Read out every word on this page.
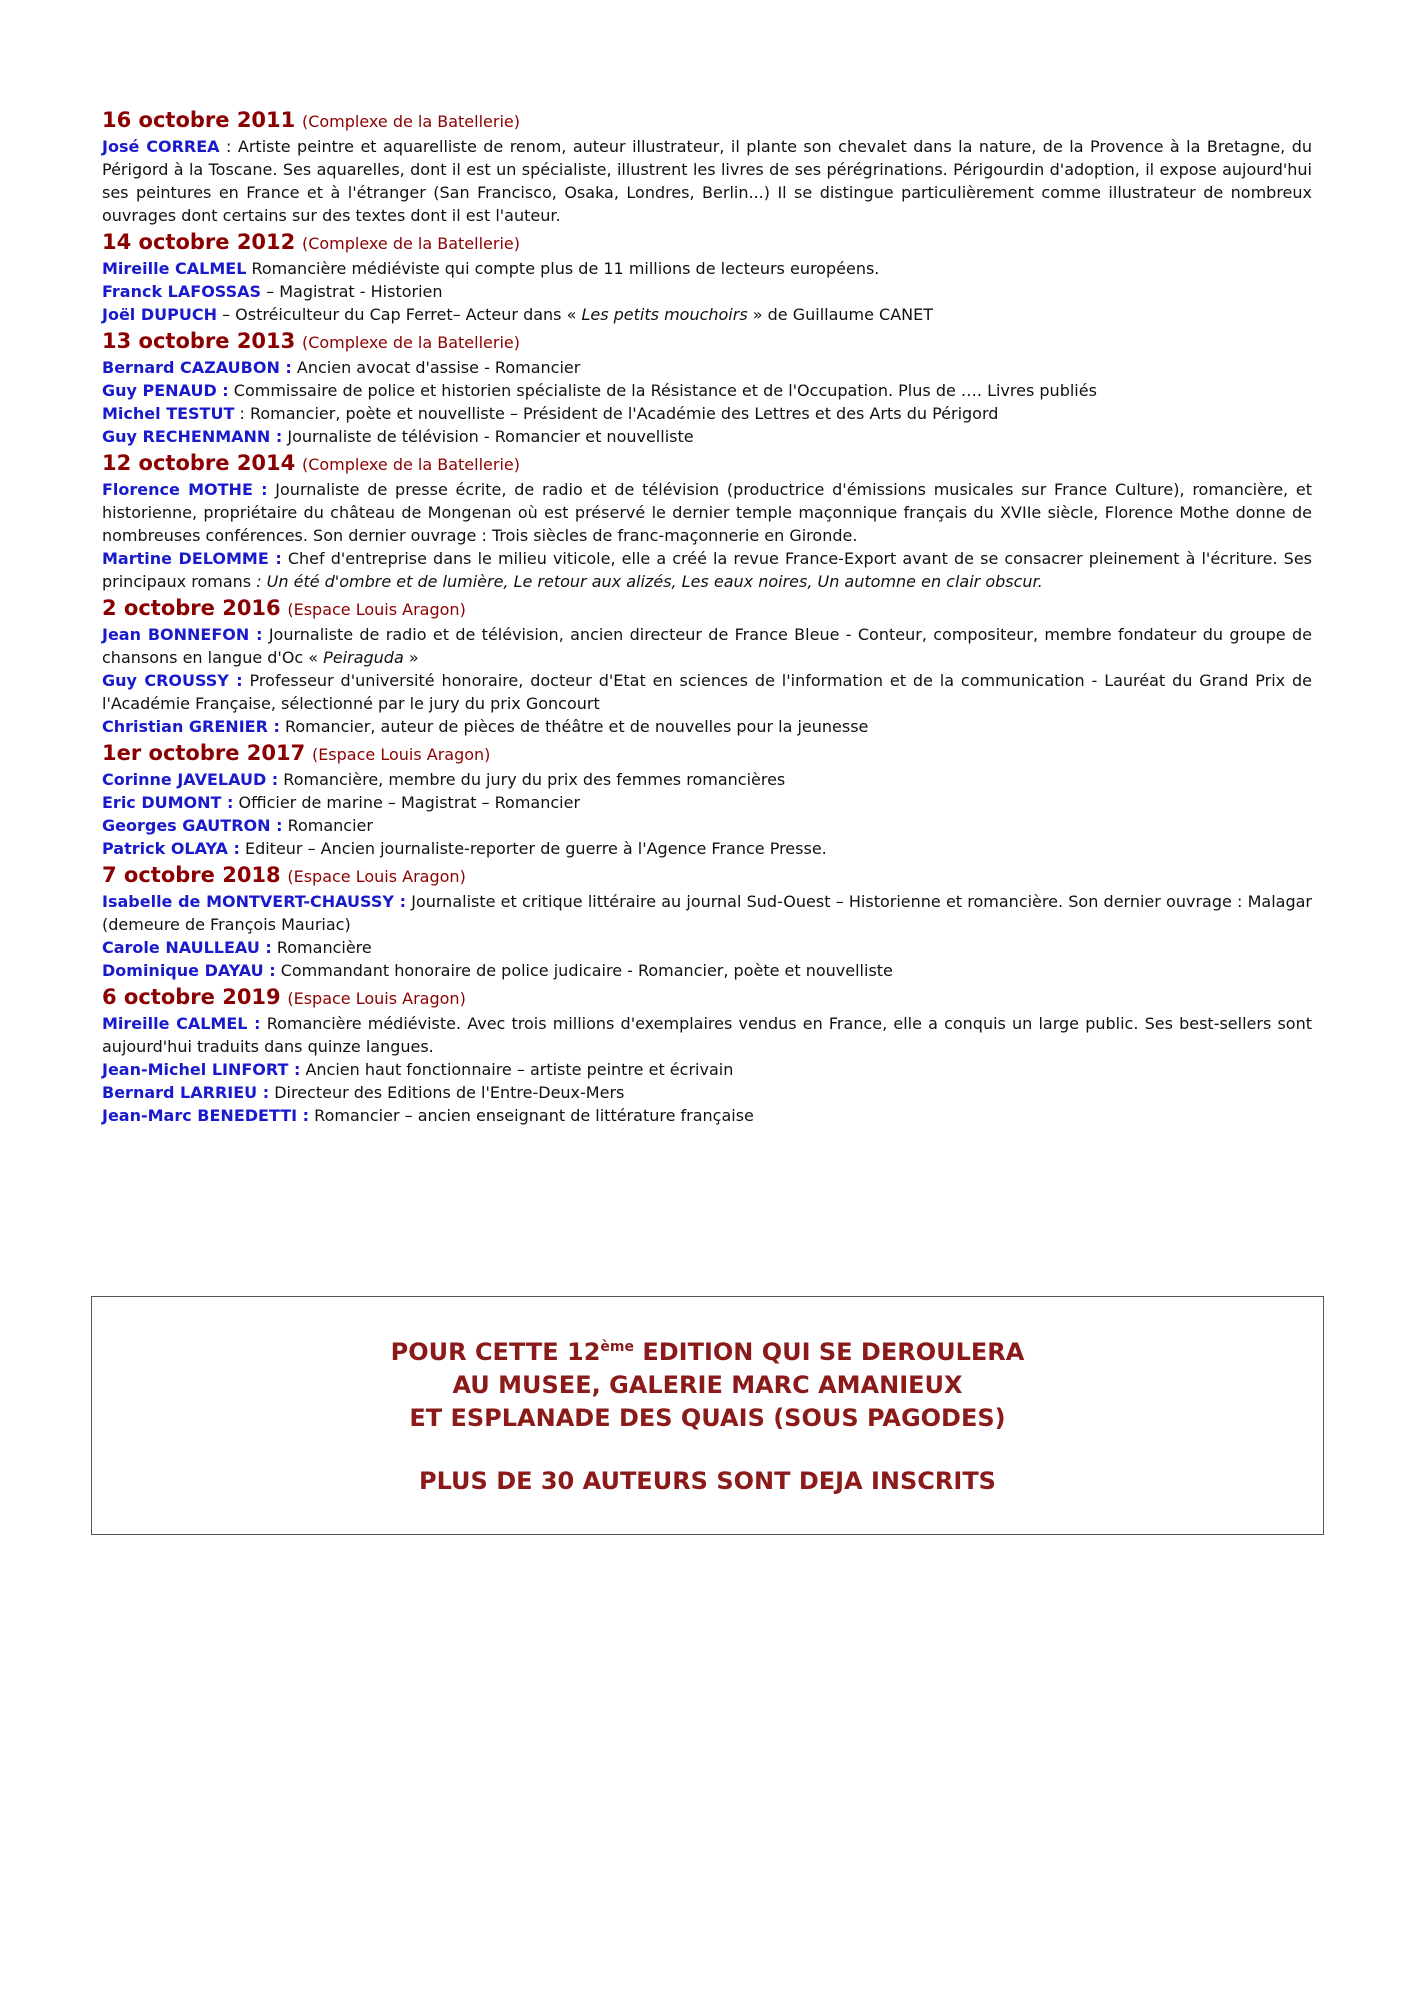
16 octobre 2011 (Complexe de la Batellerie)
José CORREA : Artiste peintre et aquarelliste de renom, auteur illustrateur, il plante son chevalet dans la nature, de la Provence à la Bretagne, du Périgord à la Toscane. Ses aquarelles, dont il est un spécialiste, illustrent les livres de ses pérégrinations. Périgourdin d'adoption, il expose aujourd'hui ses peintures en France et à l'étranger (San Francisco, Osaka, Londres, Berlin...) Il se distingue particulièrement comme illustrateur de nombreux ouvrages dont certains sur des textes dont il est l'auteur.
14 octobre 2012 (Complexe de la Batellerie)
Mireille CALMEL Romancière médiéviste qui compte plus de 11 millions de lecteurs européens.
Franck LAFOSSAS – Magistrat - Historien
Joël DUPUCH – Ostréiculteur du Cap Ferret– Acteur dans « Les petits mouchoirs » de Guillaume CANET
13 octobre 2013 (Complexe de la Batellerie)
Bernard CAZAUBON : Ancien avocat d'assise - Romancier
Guy PENAUD : Commissaire de police et historien spécialiste de la Résistance et de l'Occupation. Plus de …. Livres publiés
Michel TESTUT : Romancier, poète et nouvelliste – Président de l'Académie des Lettres et des Arts du Périgord
Guy RECHENMANN : Journaliste de télévision - Romancier et nouvelliste
12 octobre 2014 (Complexe de la Batellerie)
Florence MOTHE : Journaliste de presse écrite, de radio et de télévision (productrice d'émissions musicales sur France Culture), romancière, et historienne, propriétaire du château de Mongenan où est préservé le dernier temple maçonnique français du XVIIe siècle, Florence Mothe donne de nombreuses conférences. Son dernier ouvrage : Trois siècles de franc-maçonnerie en Gironde.
Martine DELOMME : Chef d'entreprise dans le milieu viticole, elle a créé la revue France-Export avant de se consacrer pleinement à l'écriture. Ses principaux romans : Un été d'ombre et de lumière, Le retour aux alizés, Les eaux noires, Un automne en clair obscur.
2 octobre 2016 (Espace Louis Aragon)
Jean BONNEFON : Journaliste de radio et de télévision, ancien directeur de France Bleue - Conteur, compositeur, membre fondateur du groupe de chansons en langue d'Oc « Peiraguda »
Guy CROUSSY : Professeur d'université honoraire, docteur d'Etat en sciences de l'information et de la communication - Lauréat du Grand Prix de l'Académie Française, sélectionné par le jury du prix Goncourt
Christian GRENIER : Romancier, auteur de pièces de théâtre et de nouvelles pour la jeunesse
1er octobre 2017 (Espace Louis Aragon)
Corinne JAVELAUD : Romancière, membre du jury du prix des femmes romancières
Eric DUMONT : Officier de marine – Magistrat – Romancier
Georges GAUTRON : Romancier
Patrick OLAYA : Editeur – Ancien journaliste-reporter de guerre à l'Agence France Presse.
7 octobre 2018 (Espace Louis Aragon)
Isabelle de MONTVERT-CHAUSSY : Journaliste et critique littéraire au journal Sud-Ouest – Historienne et romancière. Son dernier ouvrage : Malagar (demeure de François Mauriac)
Carole NAULLEAU : Romancière
Dominique DAYAU : Commandant honoraire de police judicaire - Romancier, poète et nouvelliste
6 octobre 2019 (Espace Louis Aragon)
Mireille CALMEL : Romancière médiéviste. Avec trois millions d'exemplaires vendus en France, elle a conquis un large public. Ses best-sellers sont aujourd'hui traduits dans quinze langues.
Jean-Michel LINFORT : Ancien haut fonctionnaire – artiste peintre et écrivain
Bernard LARRIEU : Directeur des Editions de l'Entre-Deux-Mers
Jean-Marc BENEDETTI : Romancier – ancien enseignant de littérature française
POUR CETTE 12ème EDITION QUI SE DEROULERA
AU MUSEE, GALERIE MARC AMANIEUX
ET ESPLANADE DES QUAIS (SOUS PAGODES)
PLUS DE 30 AUTEURS SONT DEJA INSCRITS
